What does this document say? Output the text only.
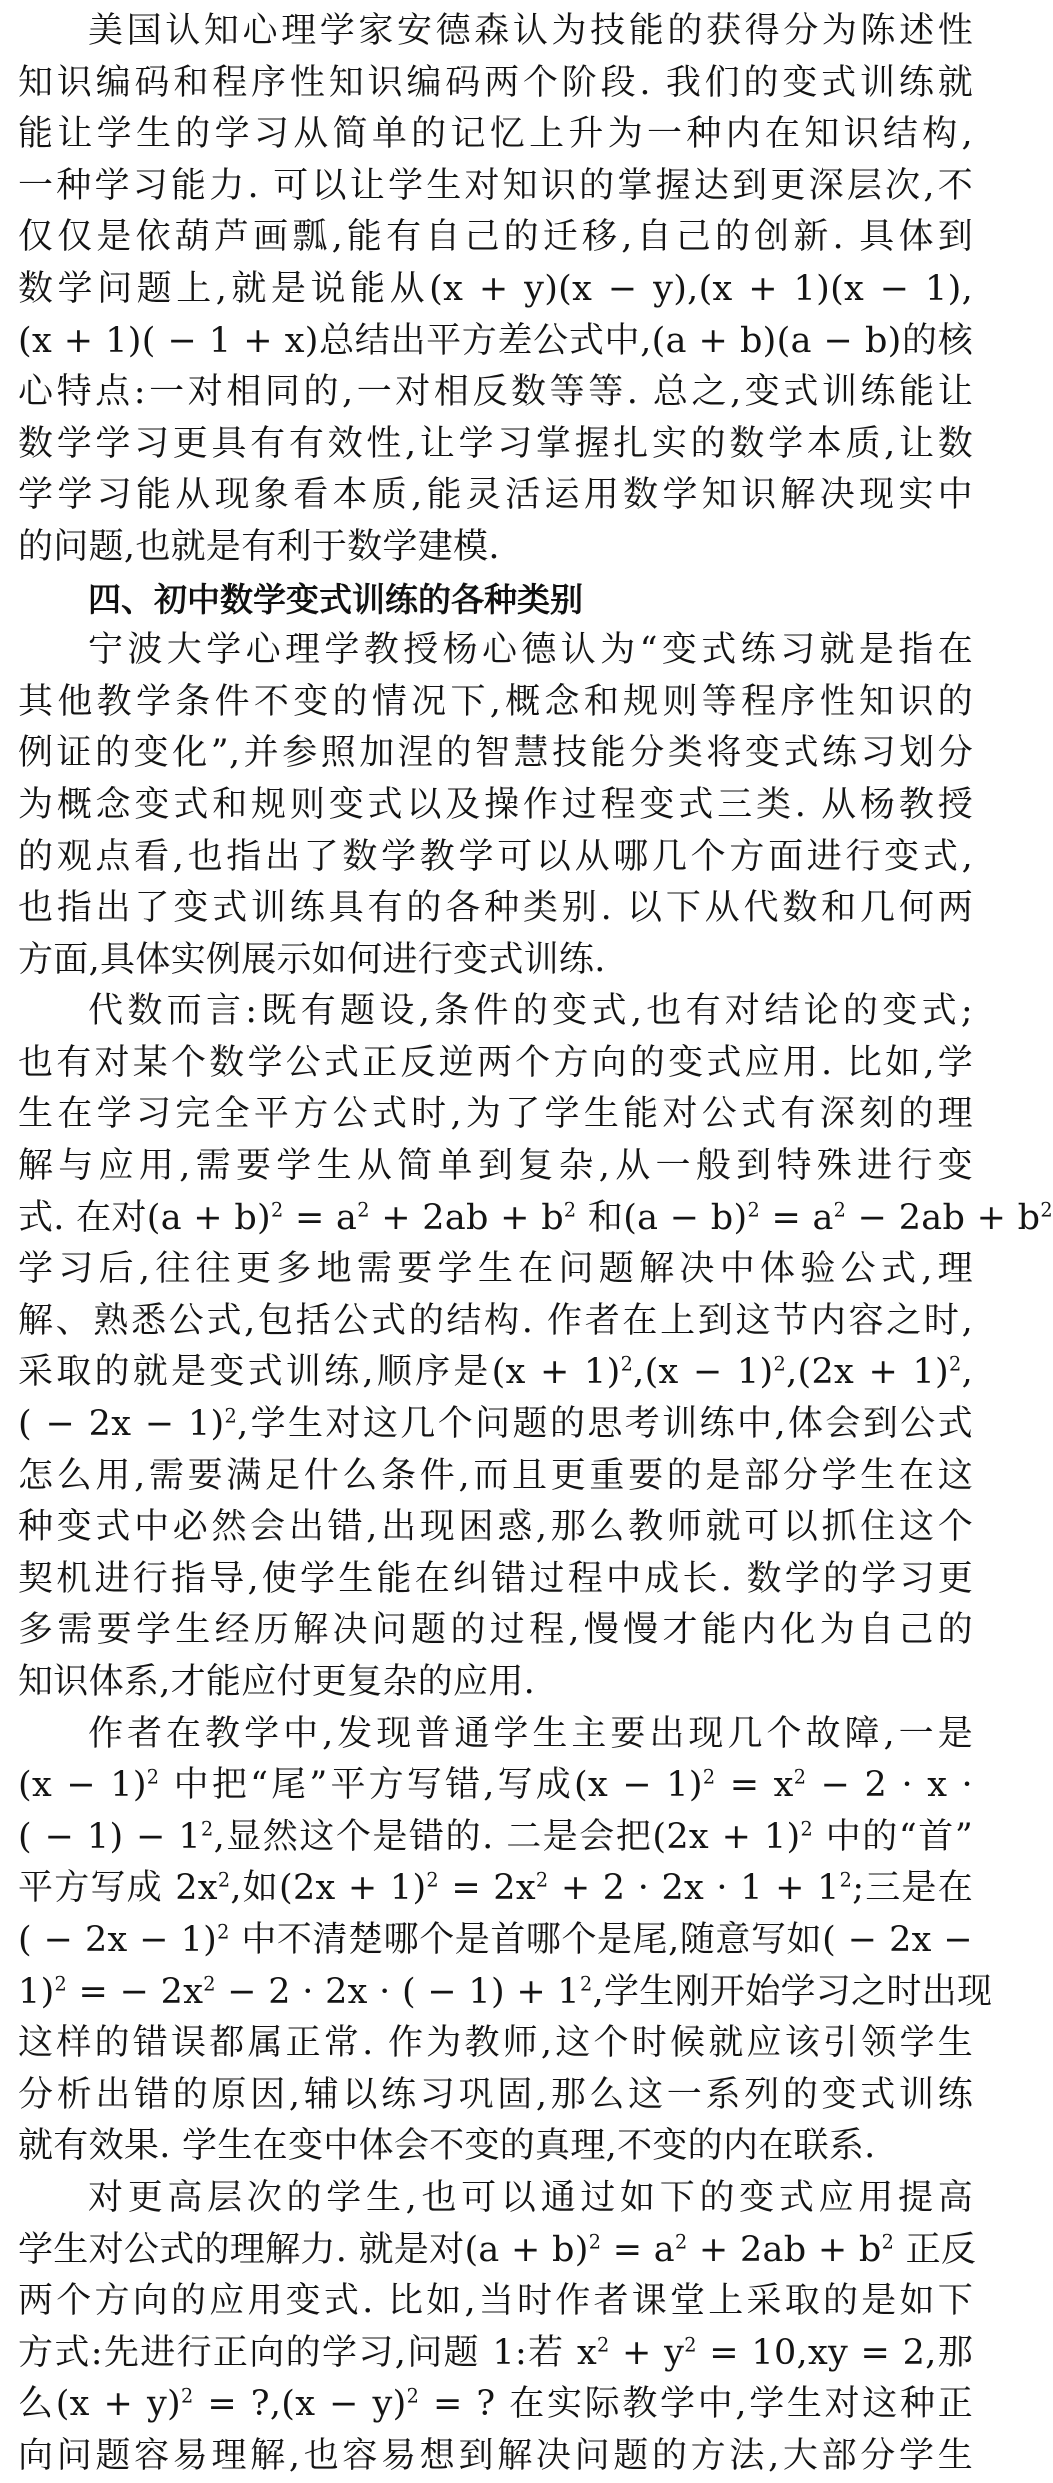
美国认知心理学家安德森认为技能的获得分为陈述性
知识编码和程序性知识编码两个阶段. 我们的变式训练就
能让学生的学习从简单的记忆上升为一种内在知识结构,
一种学习能力. 可以让学生对知识的掌握达到更深层次,不
仅仅是依葫芦画瓢,能有自己的迁移,自己的创新. 具体到
数学问题上,就是说能从(x + y)(x − y),(x + 1)(x − 1),
(x + 1)( − 1 + x)总结出平方差公式中,(a + b)(a − b)的核
心特点:一对相同的,一对相反数等等. 总之,变式训练能让
数学学习更具有有效性,让学习掌握扎实的数学本质,让数
学学习能从现象看本质,能灵活运用数学知识解决现实中
的问题,也就是有利于数学建模.

四、初中数学变式训练的各种类别

宁波大学心理学教授杨心德认为“变式练习就是指在
其他教学条件不变的情况下,概念和规则等程序性知识的
例证的变化”,并参照加涅的智慧技能分类将变式练习划分
为概念变式和规则变式以及操作过程变式三类. 从杨教授
的观点看,也指出了数学教学可以从哪几个方面进行变式,
也指出了变式训练具有的各种类别. 以下从代数和几何两
方面,具体实例展示如何进行变式训练.

代数而言:既有题设,条件的变式,也有对结论的变式;
也有对某个数学公式正反逆两个方向的变式应用. 比如,学
生在学习完全平方公式时,为了学生能对公式有深刻的理
解与应用,需要学生从简单到复杂,从一般到特殊进行变
式. 在对$(a + b)^2 = a^2 + 2ab + b^2$ 和$(a - b)^2 = a^2 - 2ab + b^2$
学习后,往往更多地需要学生在问题解决中体验公式,理
解、熟悉公式,包括公式的结构. 作者在上到这节内容之时,
采取的就是变式训练,顺序是$(x + 1)^2,(x - 1)^2,(2x + 1)^2$,
( − 2x − 1)$^2$,学生对这几个问题的思考训练中,体会到公式
怎么用,需要满足什么条件,而且更重要的是部分学生在这
种变式中必然会出错,出现困惑,那么教师就可以抓住这个
契机进行指导,使学生能在纠错过程中成长. 数学的学习更
多需要学生经历解决问题的过程,慢慢才能内化为自己的
知识体系,才能应付更复杂的应用.

作者在教学中,发现普通学生主要出现几个故障,一是
$(x - 1)^2$ 中把“尾”平方写错,写成$(x - 1)^2 = x^2 - 2 \cdot x$ ·
( − $1) - 1^2$,显然这个是错的. 二是会把$(2x + 1)^2$ 中的“首”
平方写成 $2x^2$,如$(2x + 1)^2 = 2x^2 + 2 \cdot 2x \cdot 1 + 1^2$;三是在
( − 2x − 1)$^2$ 中不清楚哪个是首哪个是尾,随意写如( − 2x −
1)$^2$ = − $2x^2 - 2 \cdot 2x$ · ( − $1) + 1^2$,学生刚开始学习之时出现
这样的错误都属正常. 作为教师,这个时候就应该引领学生
分析出错的原因,辅以练习巩固,那么这一系列的变式训练
就有效果. 学生在变中体会不变的真理,不变的内在联系.

对更高层次的学生,也可以通过如下的变式应用提高
学生对公式的理解力. 就是对$(a + b)^2 = a^2 + 2ab + b^2$ 正反
两个方向的应用变式. 比如,当时作者课堂上采取的是如下
方式:先进行正向的学习,问题 1:若 $x^2 + y^2 = 10,xy = 2$,那
么$(x + y)^2$ = ?,(x − y)$^2$ = ? 在实际教学中,学生对这种正
向问题容易理解,也容易想到解决问题的方法,大部分学生
